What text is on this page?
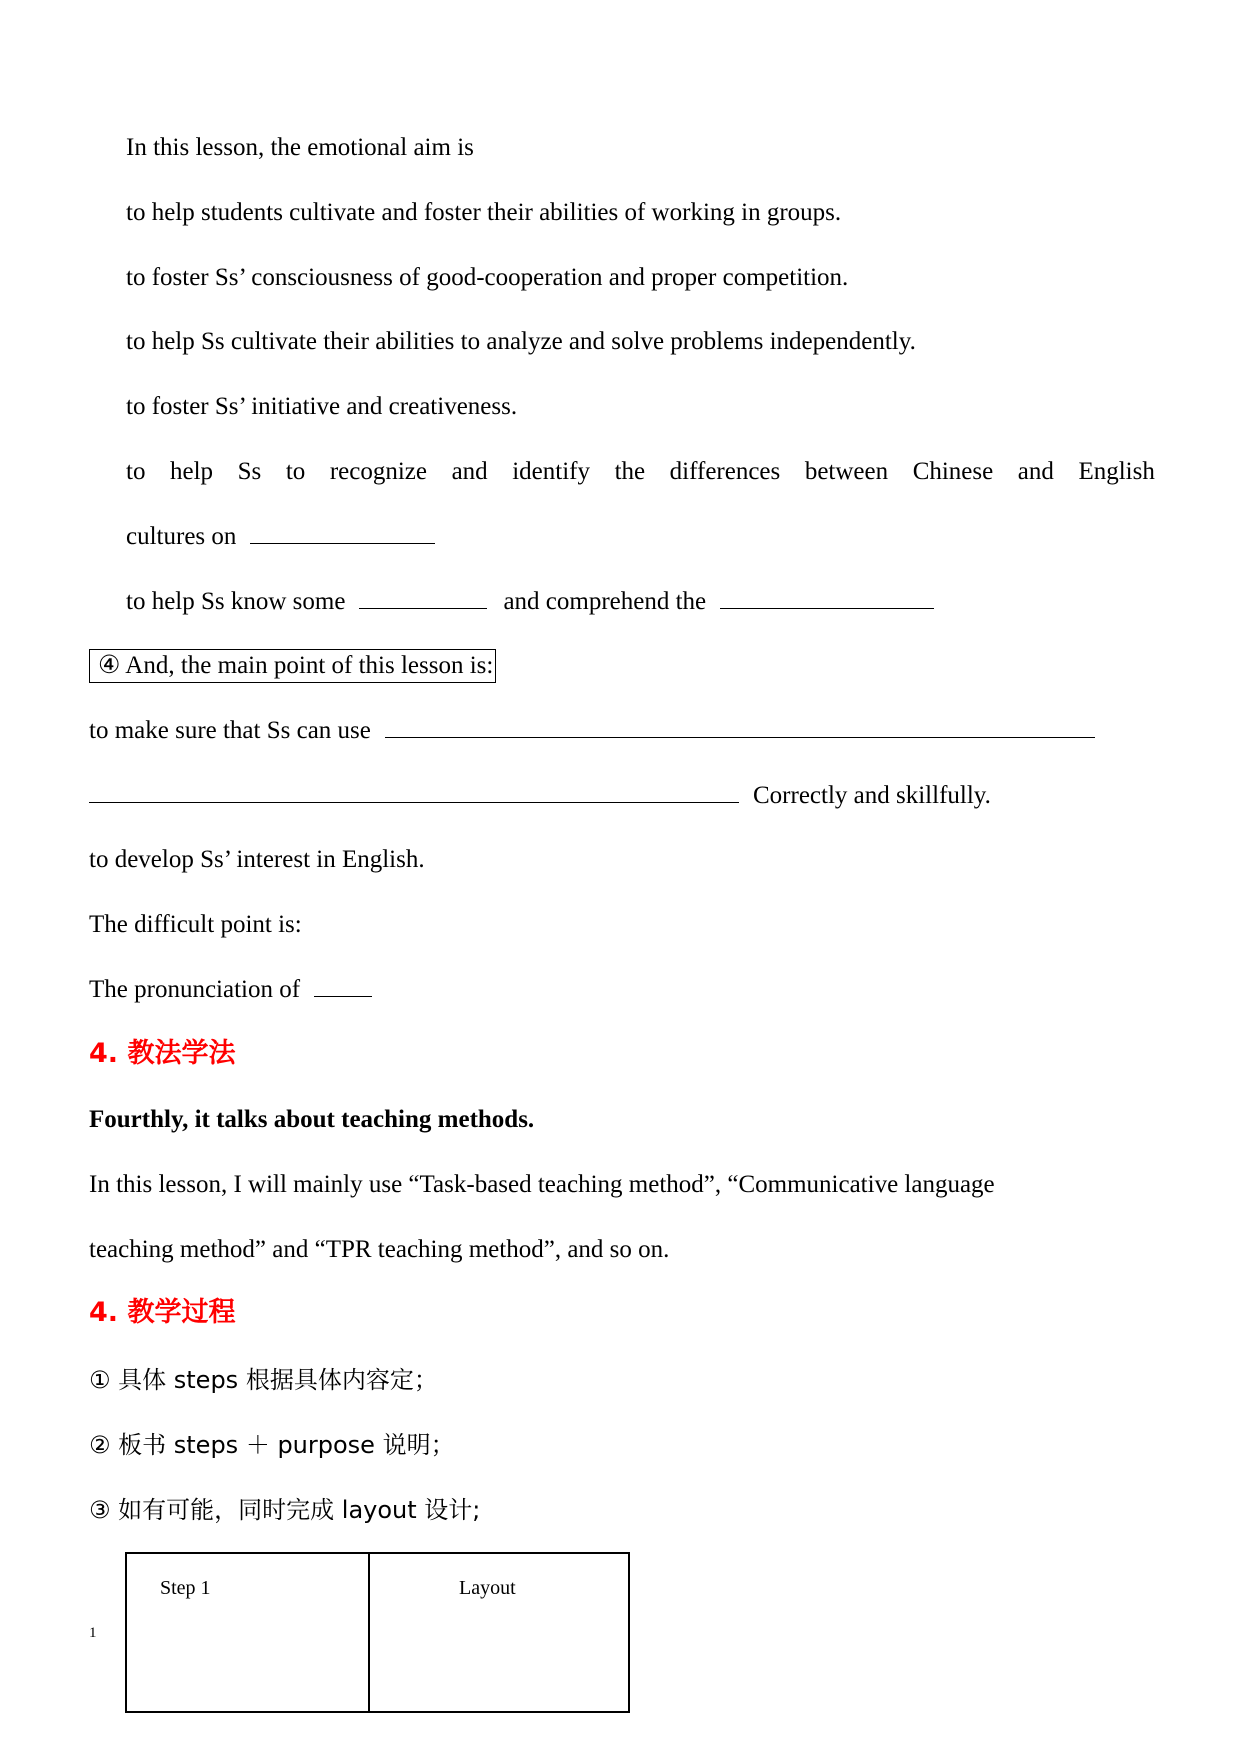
In this lesson, the emotional aim is
to help students cultivate and foster their abilities of working in groups.
to foster Ss’ consciousness of good-cooperation and proper competition.
to help Ss cultivate their abilities to analyze and solve problems independently.
to foster Ss’ initiative and creativeness.
to help Ss to recognize and identify the differences between Chinese and English
cultures on
to help Ss know some	and comprehend the
④ And, the main point of this lesson is:
to make sure that Ss can use
Correctly and skillfully.
to develop Ss’ interest in English.
The difficult point is:
The pronunciation of
4. 教法学法
Fourthly, it talks about teaching methods.
In this lesson, I will mainly use “Task-based teaching method”, “Communicative language
teaching method” and “TPR teaching method”, and so on.
4. 教学过程
① 具体 steps 根据具体内容定；
② 板书 steps ＋ purpose 说明；
③ 如有可能，同时完成 layout 设计;
1
Step 1	Layout
